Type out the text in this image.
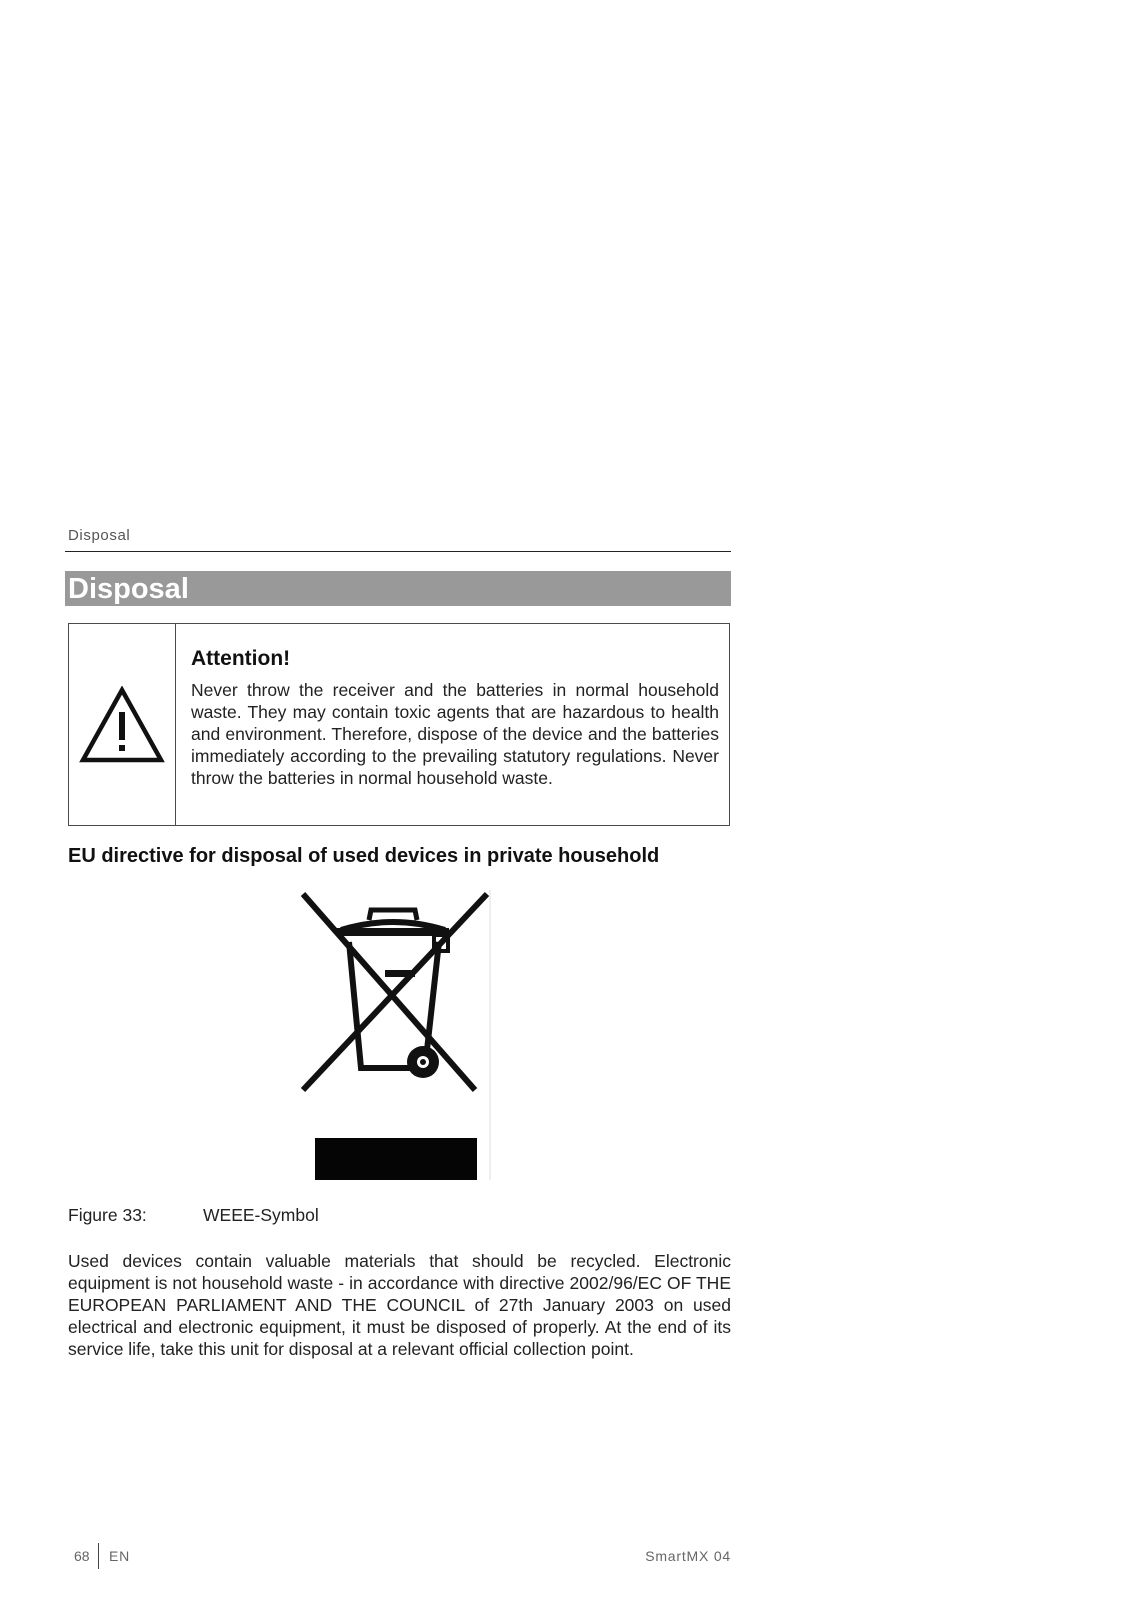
Disposal
Disposal
Attention!
Never throw the receiver and the batteries in normal household waste. They may contain toxic agents that are hazardous to health and environment. Therefore, dispose of the device and the batteries immediately according to the prevailing statutory regulations. Never throw the batteries in normal household waste.
EU directive for disposal of used devices in private household
Figure 33:	WEEE-Symbol
Used devices contain valuable materials that should be recycled. Electronic equipment is not household waste - in accordance with directive 2002/96/EC OF THE EUROPEAN PARLIAMENT AND THE COUNCIL of 27th January 2003 on used electrical and electronic equipment, it must be disposed of properly. At the end of its service life, take this unit for disposal at a relevant official collection point.
68 EN	SmartMX 04
